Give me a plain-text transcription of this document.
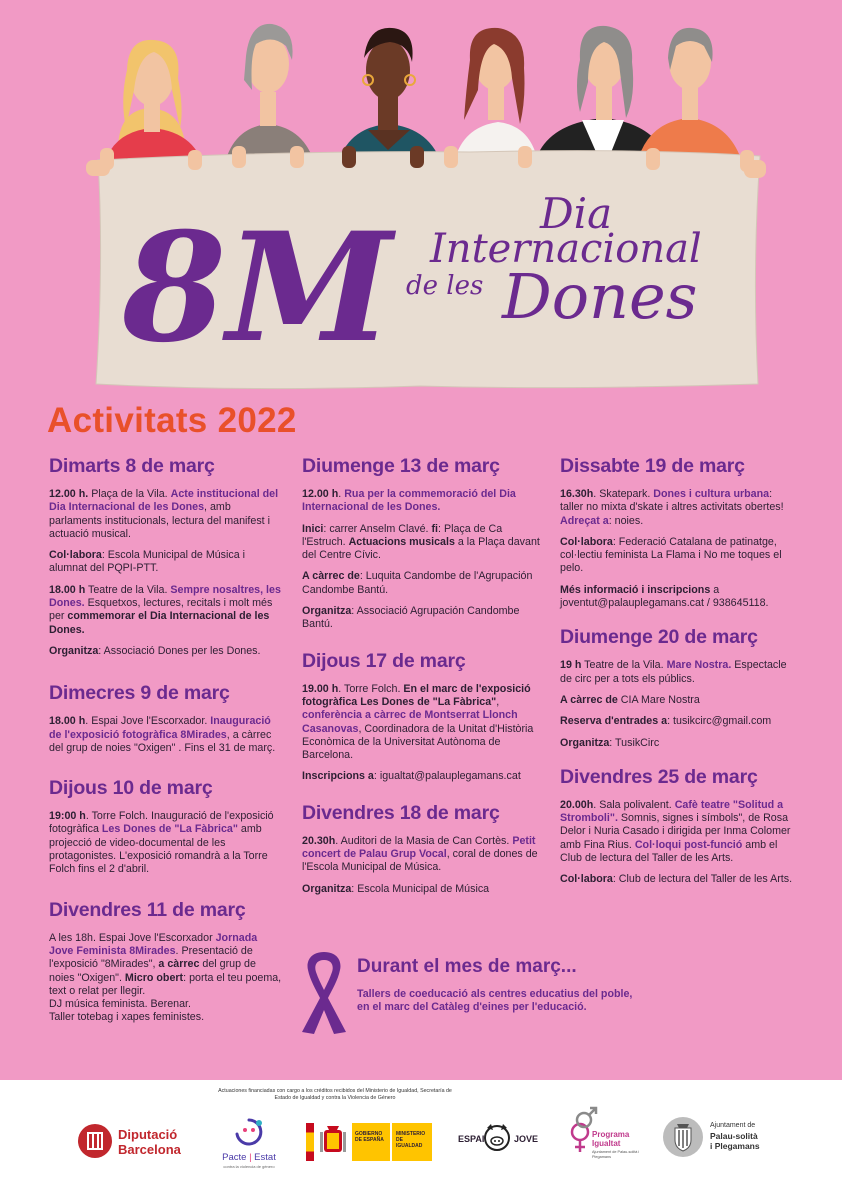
8M	Dia
Internacional
de les Dones
Activitats 2022
Dimarts 8 de març

12.00 h. Plaça de la Vila. Acte institucional del Dia Internacional de les Dones, amb parlaments institucionals, lectura del manifest i actuació musical.

Col·labora: Escola Municipal de Música i alumnat del PQPI-PTT.

18.00 h Teatre de la Vila. Sempre nosaltres, les Dones. Esquetxos, lectures, recitals i molt més per commemorar el Dia Internacional de les Dones.

Organitza: Associació Dones per les Dones.

Dimecres 9 de març

18.00 h. Espai Jove l'Escorxador. Inauguració de l'exposició fotogràfica 8Mirades, a càrrec del grup de noies "Oxigen" . Fins el 31 de març.

Dijous 10 de març

19:00 h. Torre Folch. Inauguració de l'exposició fotogràfica Les Dones de "La Fàbrica" amb projecció de video-documental de les protagonistes. L'exposició romandrà a la Torre Folch fins el 2 d'abril.

Divendres 11 de març

A les 18h. Espai Jove l'Escorxador Jornada Jove Feminista 8Mirades. Presentació de l'exposició "8Mirades", a càrrec del grup de noies "Oxigen". Micro obert: porta el teu poema, text o relat per llegir.
DJ música feminista. Berenar.
Taller totebag i xapes feministes.

Diumenge 13 de març

12.00 h. Rua per la commemoració del Dia Internacional de les Dones.

Inici: carrer Anselm Clavé. fi: Plaça de Ca l'Estruch. Actuacions musicals a la Plaça davant del Centre Cívic.

A càrrec de: Luquita Candombe de l'Agrupación Candombe Bantú.

Organitza: Associació Agrupación Candombe Bantú.

Dijous 17 de març

19.00 h. Torre Folch. En el marc de l'exposició fotogràfica Les Dones de "La Fàbrica", conferència a càrrec de Montserrat Llonch Casanovas, Coordinadora de la Unitat d'Història Econòmica de la Universitat Autònoma de Barcelona.

Inscripcions a: igualtat@palauplegamans.cat

Divendres 18 de març

20.30h. Auditori de la Masia de Can Cortès. Petit concert de Palau Grup Vocal, coral de dones de l'Escola Municipal de Música.

Organitza: Escola Municipal de Música

Dissabte 19 de març

16.30h. Skatepark. Dones i cultura urbana: taller no mixta d'skate i altres activitats obertes! Adreçat a: noies.

Col·labora: Federació Catalana de patinatge, col·lectiu feminista La Flama i No me toques el pelo.

Més informació i inscripcions a joventut@palauplegamans.cat / 938645118.

Diumenge 20 de març

19 h Teatre de la Vila. Mare Nostra. Espectacle de circ per a tots els públics.

A càrrec de CIA Mare Nostra

Reserva d'entrades a: tusikcirc@gmail.com

Organitza: TusikCirc

Divendres 25 de març

20.00h. Sala polivalent. Cafè teatre "Solitud a Stromboli". Somnis, signes i símbols", de Rosa Delor i Nuria Casado i dirigida per Inma Colomer amb Fina Rius. Col·loqui post-funció amb el Club de lectura del Taller de les Arts.

Col·labora: Club de lectura del Taller de les Arts.

Durant el mes de març...

Tallers de coeducació als centres educatius del poble,
en el marc del Catàleg d'eines per l'educació.

Actuaciones financiadas con cargo a los créditos recibidos del Ministerio de Igualdad, Secretaría de Estado de Igualdad y contra la Violencia de Género
Diputació
Barcelona
Pacte | Estat
contra la violencia de género
GOBIERNO
DE ESPAÑA
MINISTERIO
DE IGUALDAD
ESPAI	JOVE	Programa
Igualtat
Ajuntament de Palau-solità i Plegamans
Ajuntament de
Palau-solità
i Plegamans
